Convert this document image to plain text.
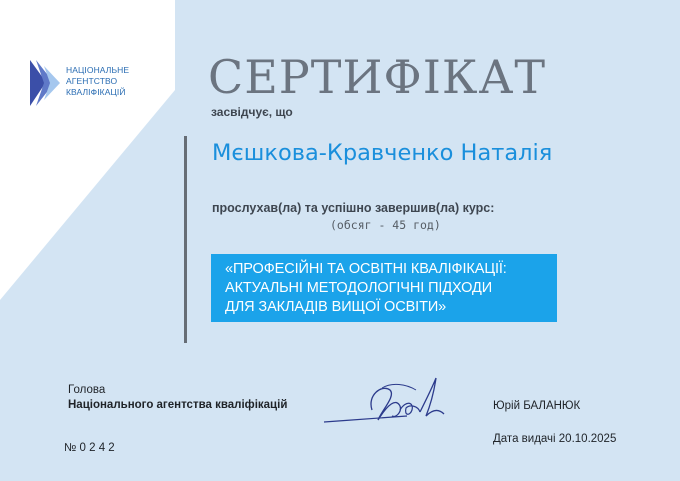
НАЦІОНАЛЬНЕ
АГЕНТСТВО
КВАЛІФІКАЦІЙ СЕРТИФІКАТ
засвідчує, що
Мєшкова-Кравченко Наталія
прослухав(ла) та успішно завершив(ла) курс:
(обсяг - 45 год)
«ПРОФЕСІЙНІ ТА ОСВІТНІ КВАЛІФІКАЦІЇ:
АКТУАЛЬНІ МЕТОДОЛОГІЧНІ ПІДХОДИ
ДЛЯ ЗАКЛАДІВ ВИЩОЇ ОСВІТИ»
Голова
Національного агентства кваліфікацій	Юрій БАЛАНЮК
№ 0 2 4 2
Дата видачі 20.10.2025
